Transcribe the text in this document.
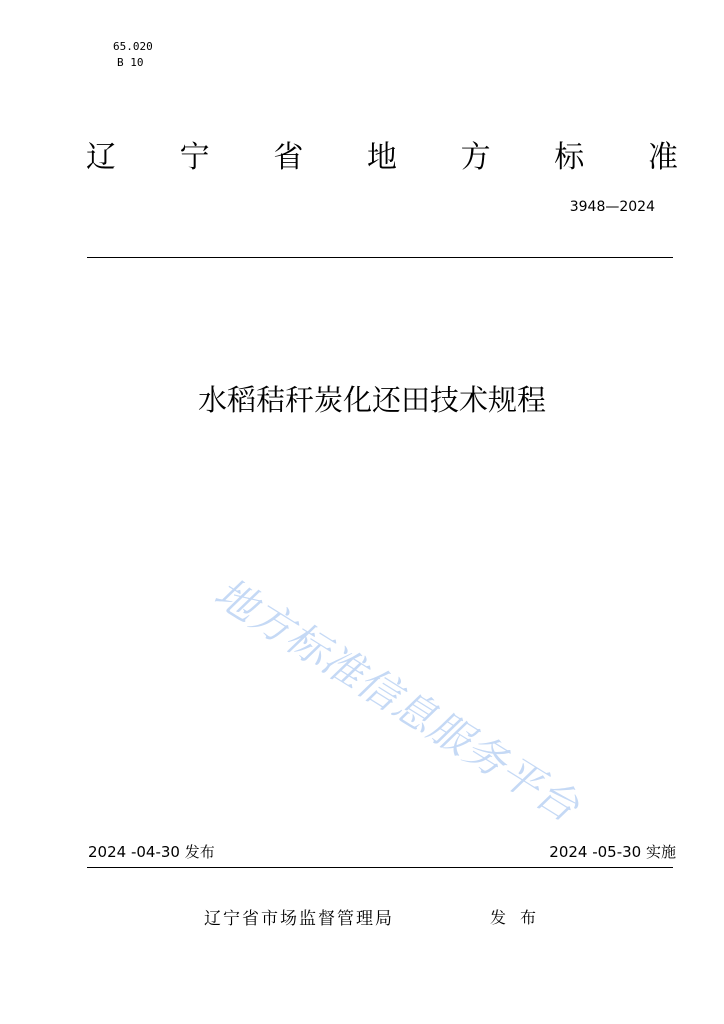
65.020
B 10
辽 宁 省 地 方 标 准
3948—2024
水稻秸秆炭化还田技术规程
地方标准信息服务平台
2024 -04-30 发布	2024 -05-30 实施
辽宁省市场监督管理局	发布
